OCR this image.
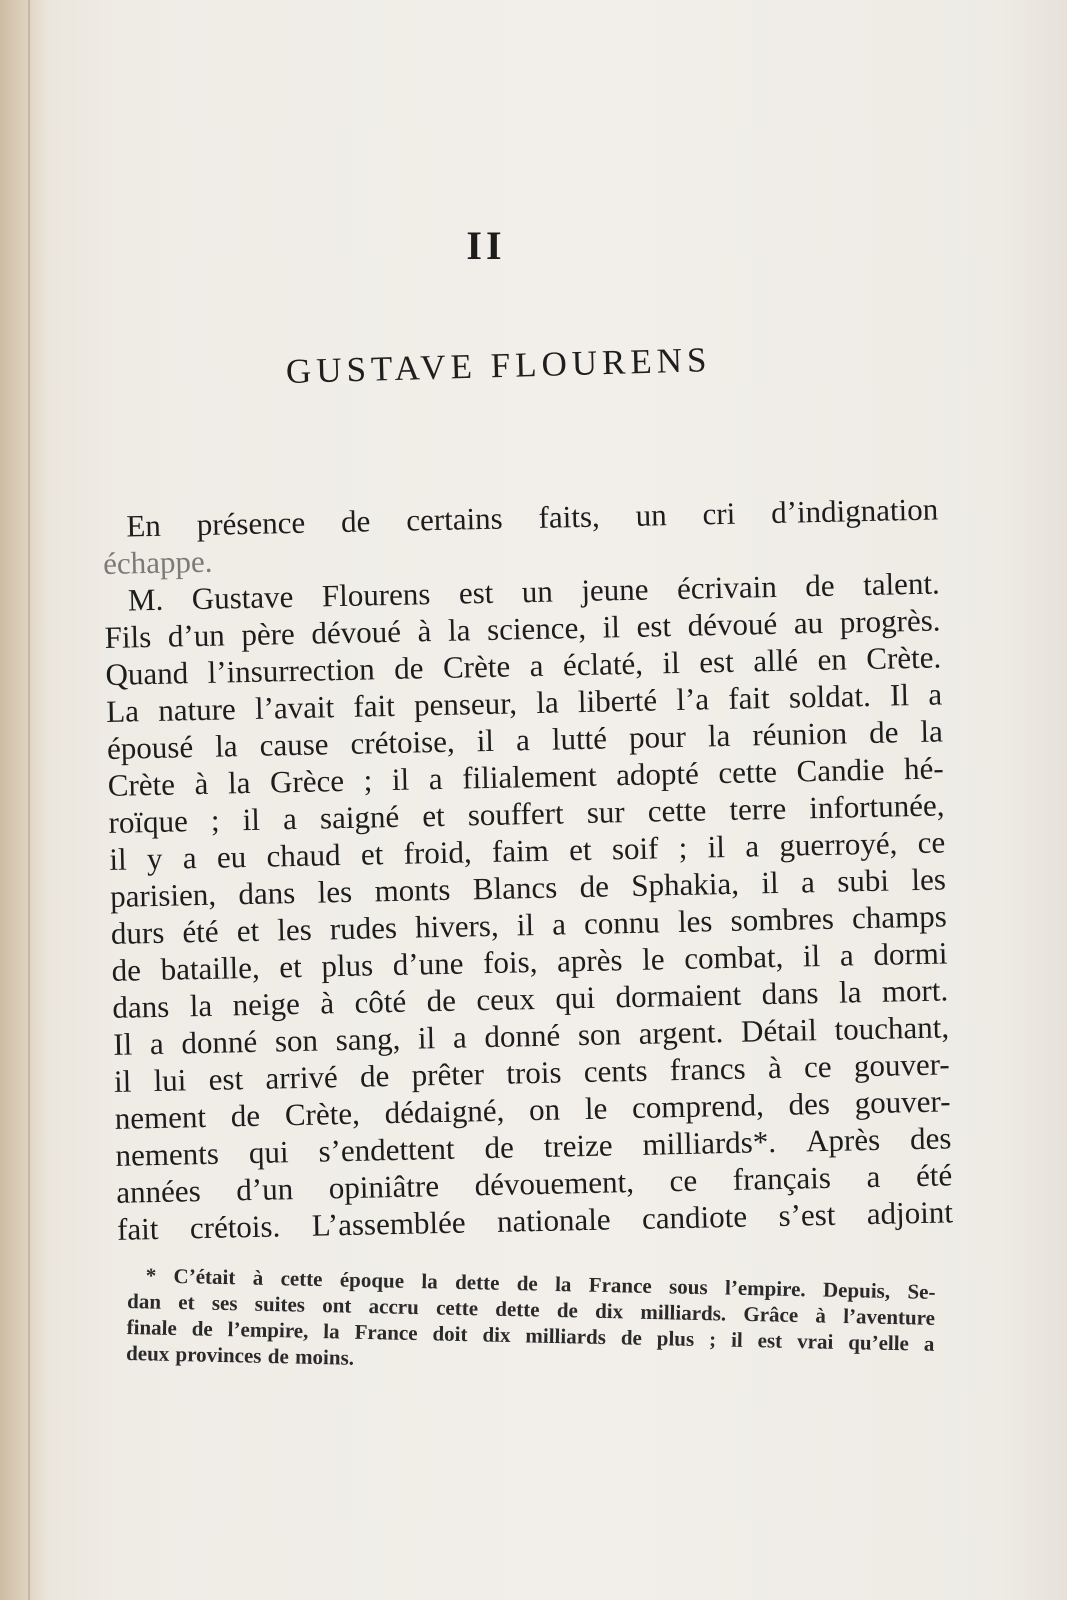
II
GUSTAVE FLOURENS
En présence de certains faits, un cri d’indignation
échappe.
M. Gustave Flourens est un jeune écrivain de talent.
Fils d’un père dévoué à la science, il est dévoué au progrès.
Quand l’insurrection de Crète a éclaté, il est allé en Crète.
La nature l’avait fait penseur, la liberté l’a fait soldat. Il a
épousé la cause crétoise, il a lutté pour la réunion de la
Crète à la Grèce ; il a filialement adopté cette Candie hé-
roïque ; il a saigné et souffert sur cette terre infortunée,
il y a eu chaud et froid, faim et soif ; il a guerroyé, ce
parisien, dans les monts Blancs de Sphakia, il a subi les
durs été et les rudes hivers, il a connu les sombres champs
de bataille, et plus d’une fois, après le combat, il a dormi
dans la neige à côté de ceux qui dormaient dans la mort.
Il a donné son sang, il a donné son argent. Détail touchant,
il lui est arrivé de prêter trois cents francs à ce gouver-
nement de Crète, dédaigné, on le comprend, des gouver-
nements qui s’endettent de treize milliards*. Après des
années d’un opiniâtre dévouement, ce français a été
fait crétois. L’assemblée nationale candiote s’est adjoint
* C’était à cette époque la dette de la France sous l’empire. Depuis, Se-
dan et ses suites ont accru cette dette de dix milliards. Grâce à l’aventure
finale de l’empire, la France doit dix milliards de plus ; il est vrai qu’elle a
deux provinces de moins.
